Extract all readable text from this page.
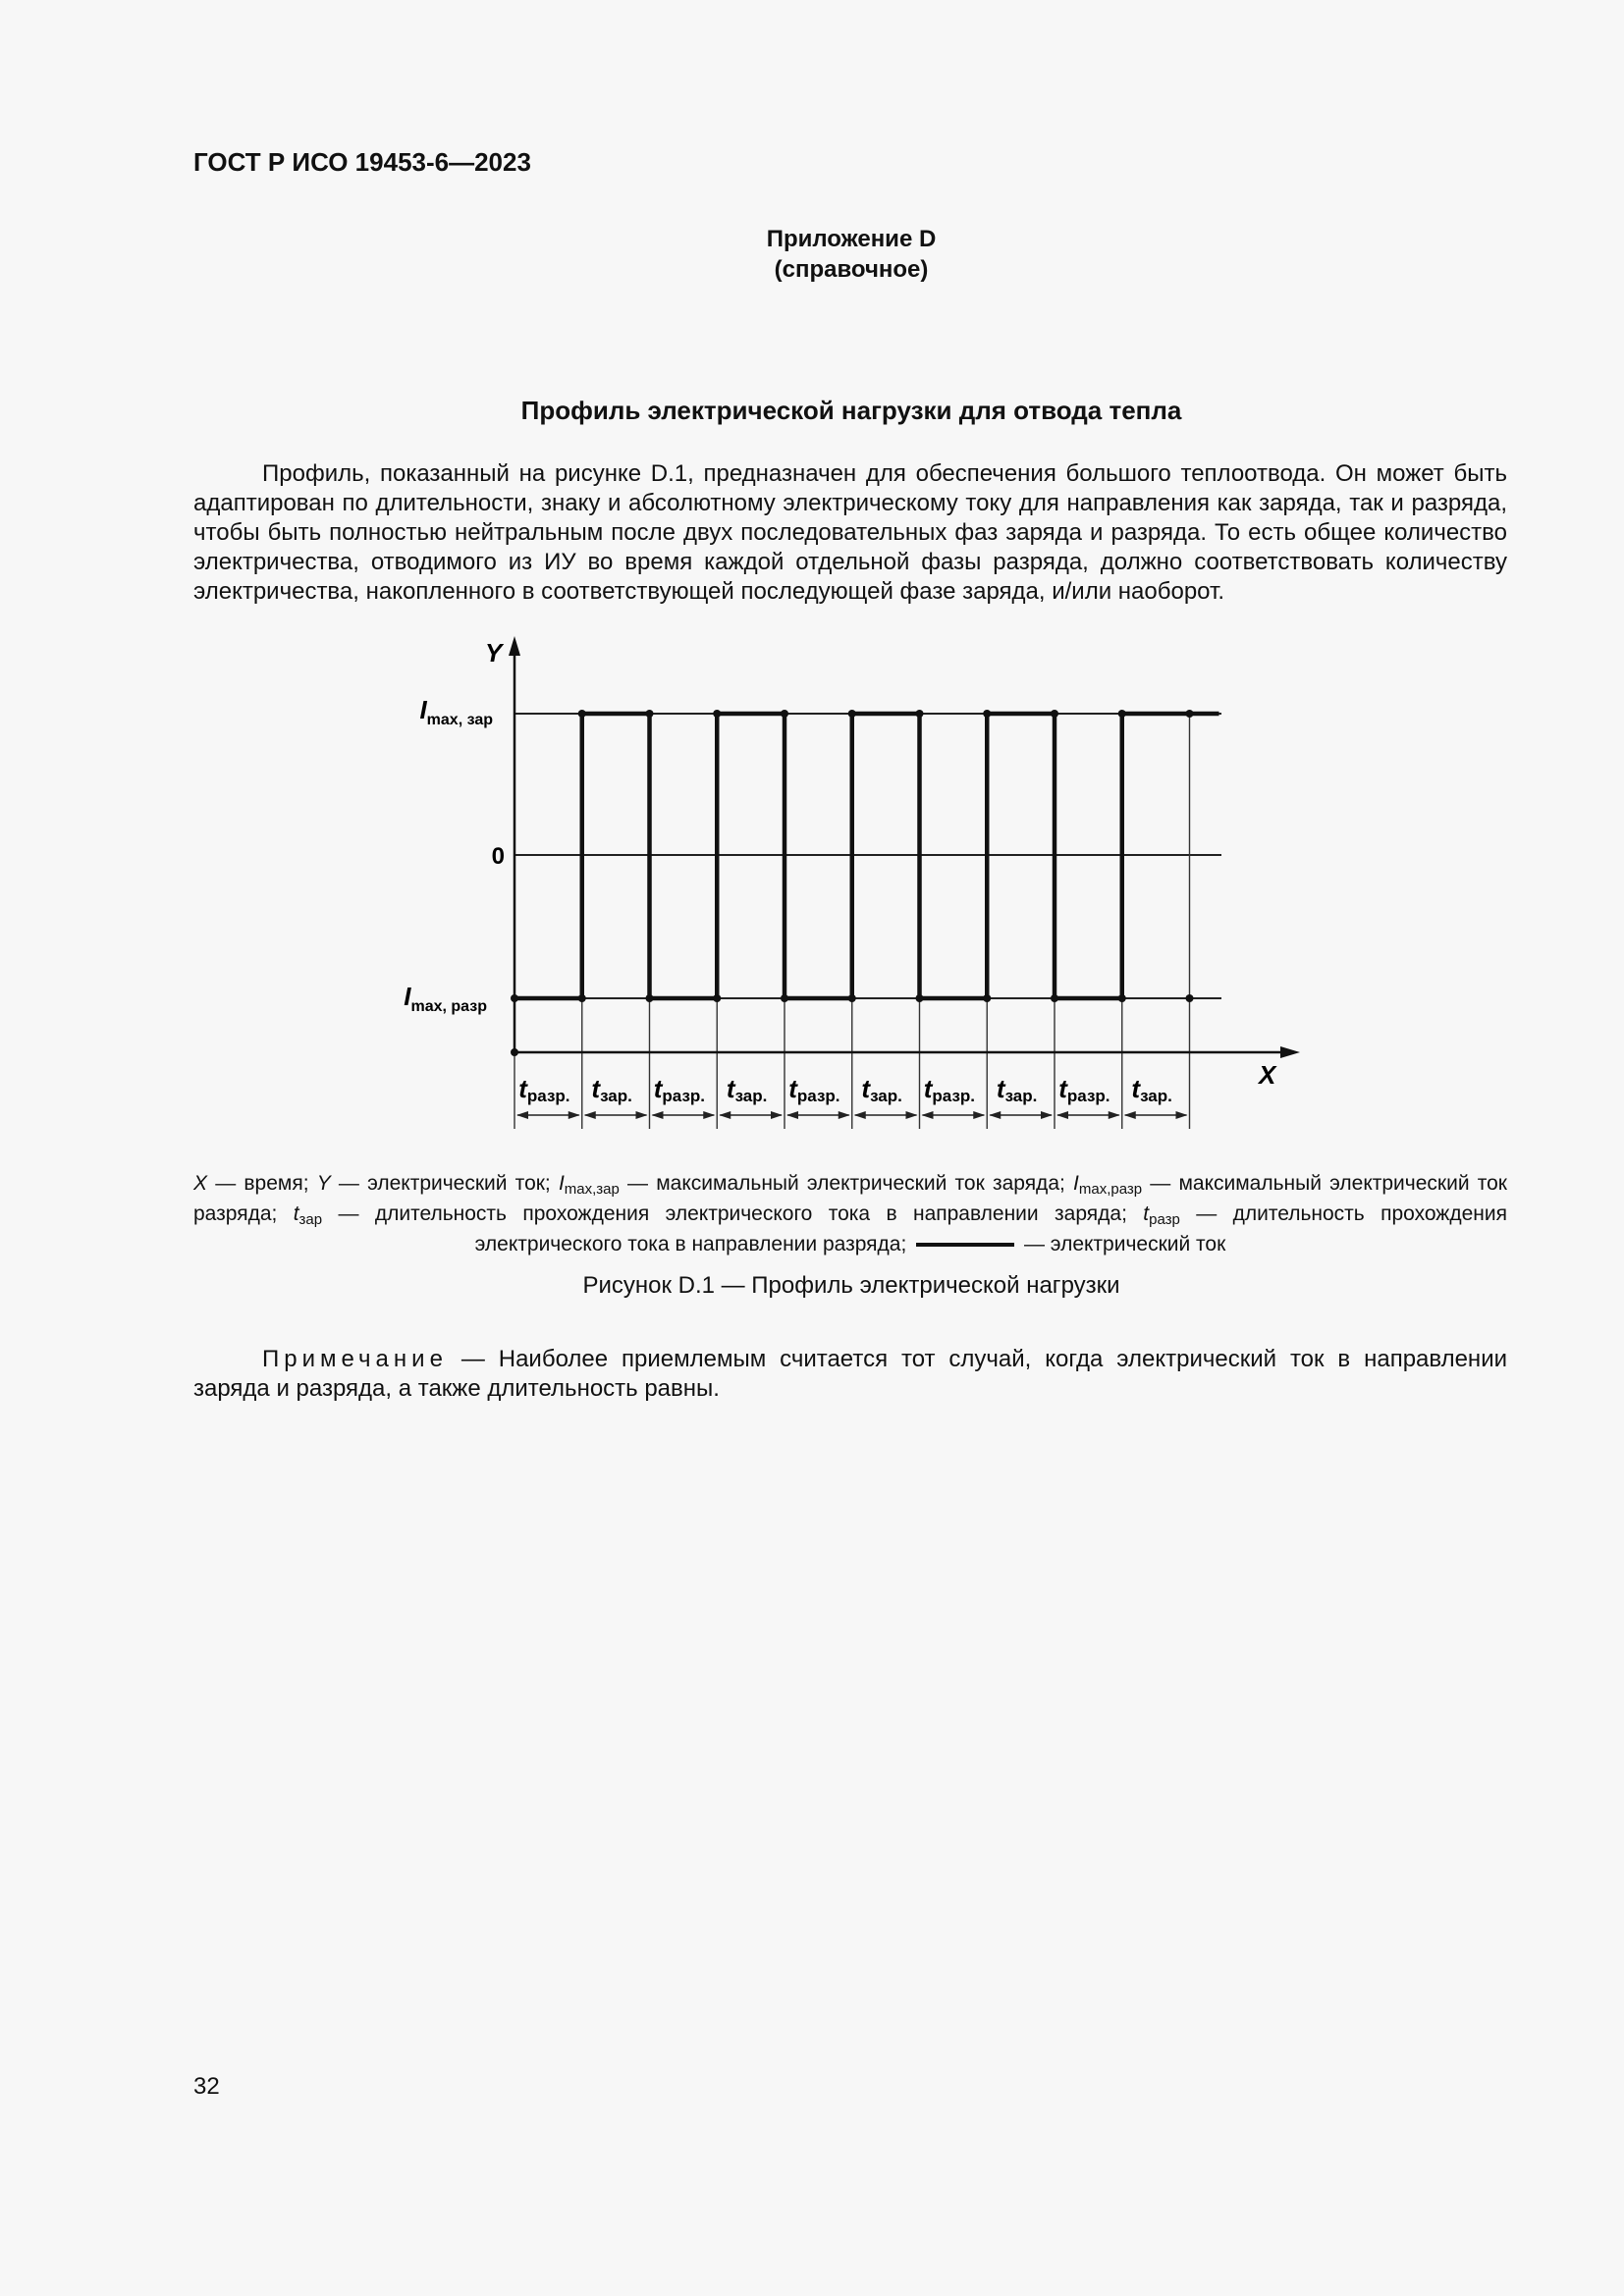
ГОСТ Р ИСО 19453-6—2023
Приложение D
(справочное)
Профиль электрической нагрузки для отвода тепла

Профиль, показанный на рисунке D.1, предназначен для обеспечения большого теплоотвода. Он может быть адаптирован по длительности, знаку и абсолютному электрическому току для направления как заряда, так и разряда, чтобы быть полностью нейтральным после двух последовательных фаз заряда и разряда. То есть общее количество электричества, отводимого из ИУ во время каждой отдельной фазы разряда, должно соответствовать количеству электричества, накопленного в соответствующей последующей фазе заряда, и/или наоборот.

tразр. tзар. tразр. tзар. tразр. tзар. tразр. tзар. tразр. tзар.
Y
X
Imax, зар
0
Imax, разр

X — время; Y — электрический ток; $I_{max,зар}$ — максимальный электрический ток заряда; $I_{max,разр}$ — максимальный электрический ток разряда; $t_{зар}$ — длительность прохождения электрического тока в направлении заряда; $t_{разр}$ — длительность прохождения электрического тока в направлении разряда;	— электрический ток

Рисунок D.1 — Профиль электрической нагрузки

Примечание — Наиболее приемлемым считается тот случай, когда электрический ток в направлении заряда и разряда, а также длительность равны.

32
